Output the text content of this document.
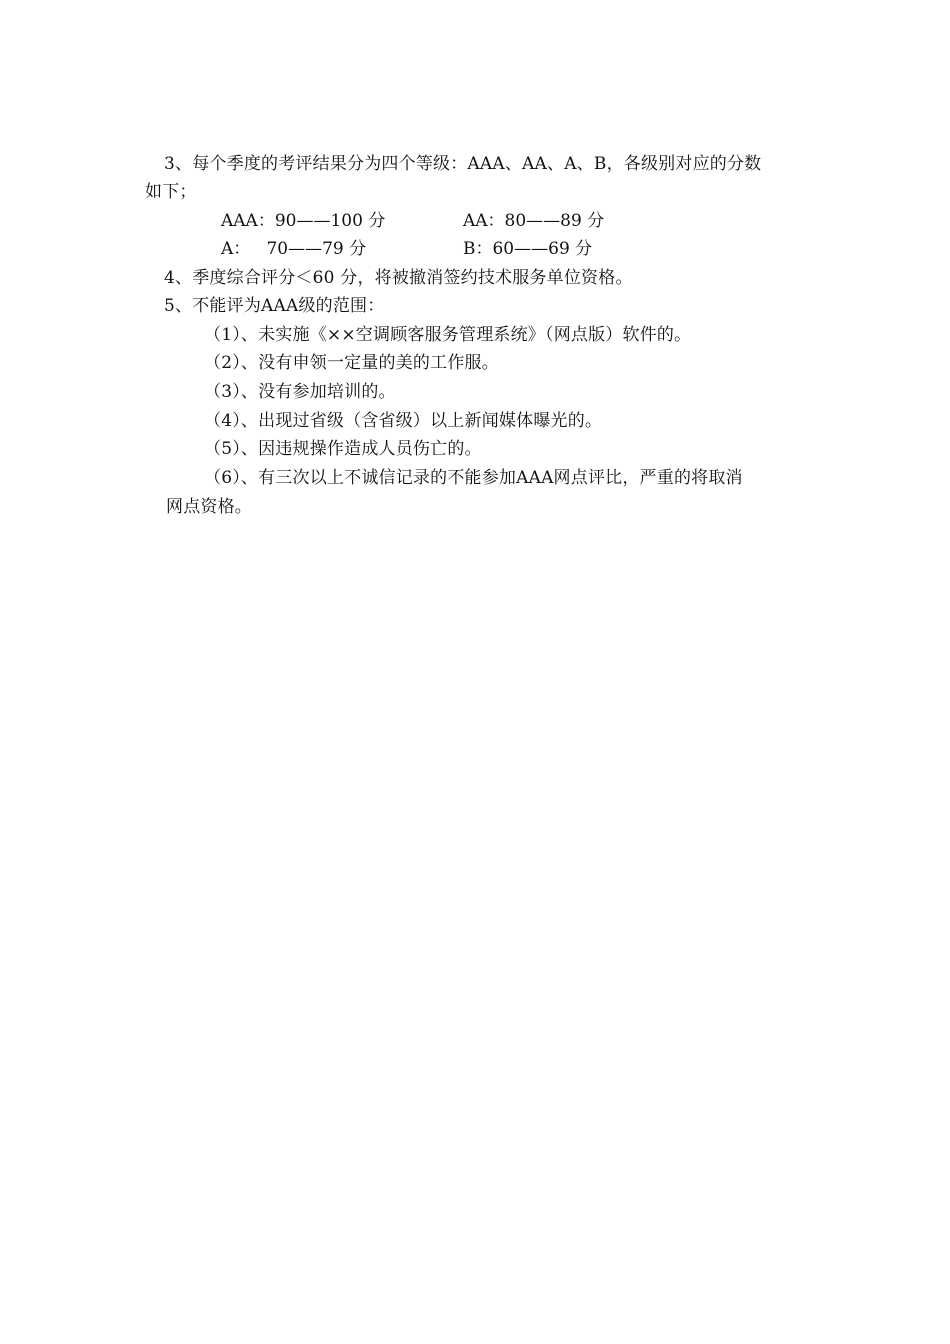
3、每个季度的考评结果分为四个等级：AAA、AA、A、B，各级别对应的分数
如下；
AAA：90——100 分	AA：80——89 分
A：   70——79 分	B：60——69 分
4、季度综合评分＜60 分，将被撤消签约技术服务单位资格。
5、不能评为AAA级的范围：
（1）、未实施《××空调顾客服务管理系统》（网点版）软件的。
（2）、没有申领一定量的美的工作服。
（3）、没有参加培训的。
（4）、出现过省级（含省级）以上新闻媒体曝光的。
（5）、因违规操作造成人员伤亡的。
（6）、有三次以上不诚信记录的不能参加AAA网点评比，严重的将取消
网点资格。
